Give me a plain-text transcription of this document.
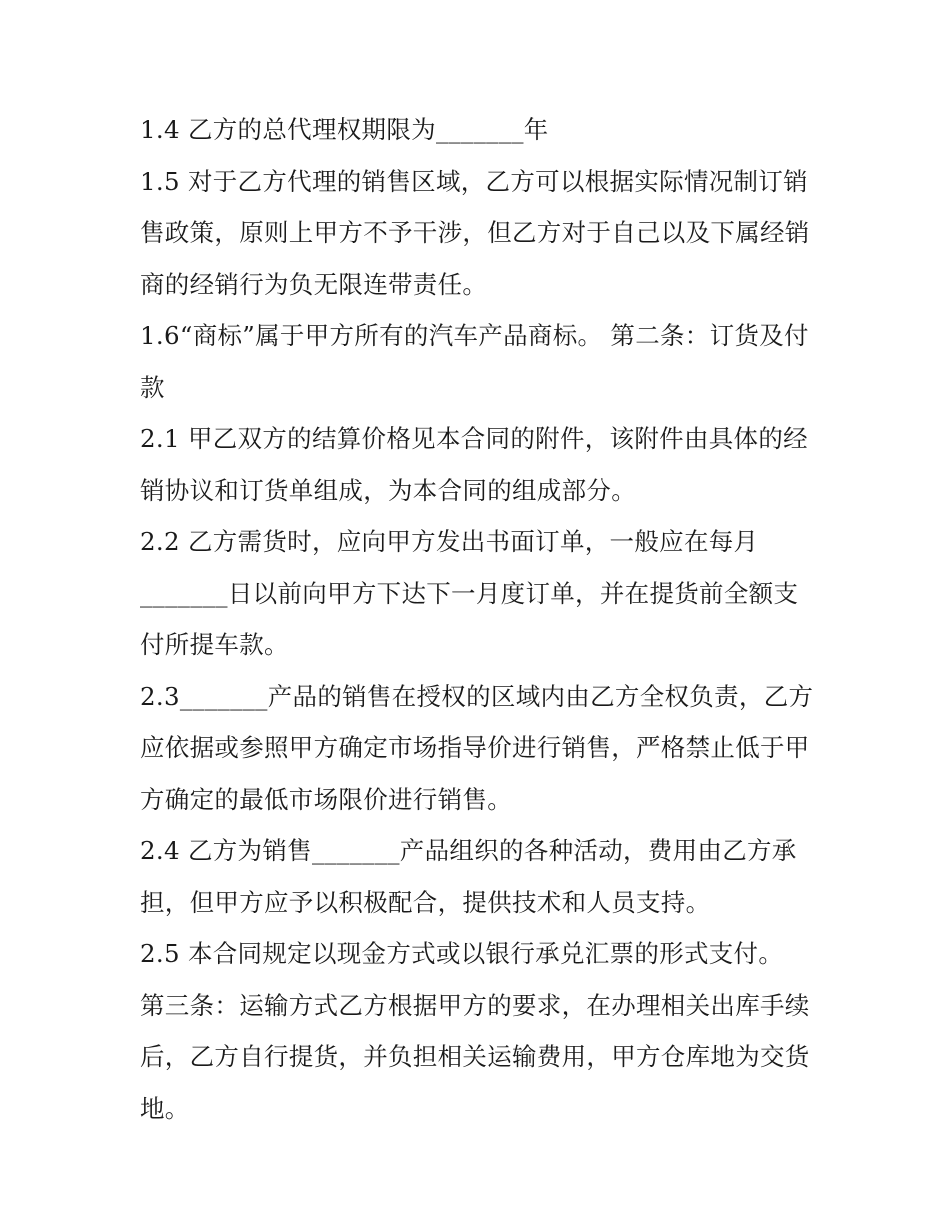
1.4 乙方的总代理权期限为_______年
1.5 对于乙方代理的销售区域，乙方可以根据实际情况制订销
售政策，原则上甲方不予干涉，但乙方对于自己以及下属经销
商的经销行为负无限连带责任。
1.6“商标”属于甲方所有的汽车产品商标。 第二条：订货及付
款
2.1 甲乙双方的结算价格见本合同的附件，该附件由具体的经
销协议和订货单组成，为本合同的组成部分。
2.2 乙方需货时，应向甲方发出书面订单，一般应在每月
_______日以前向甲方下达下一月度订单，并在提货前全额支
付所提车款。
2.3_______产品的销售在授权的区域内由乙方全权负责，乙方
应依据或参照甲方确定市场指导价进行销售，严格禁止低于甲
方确定的最低市场限价进行销售。
2.4 乙方为销售_______产品组织的各种活动，费用由乙方承
担，但甲方应予以积极配合，提供技术和人员支持。
2.5 本合同规定以现金方式或以银行承兑汇票的形式支付。
第三条：运输方式乙方根据甲方的要求，在办理相关出库手续
后，乙方自行提货，并负担相关运输费用，甲方仓库地为交货
地。
